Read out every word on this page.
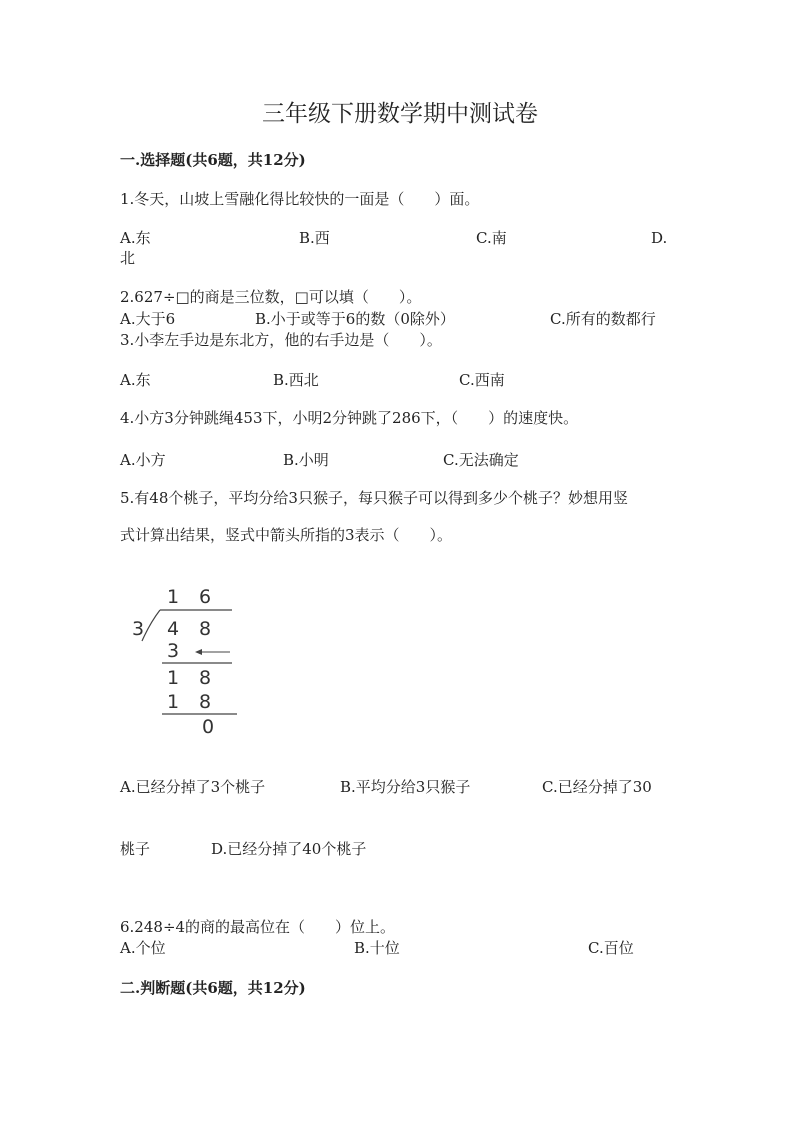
三年级下册数学期中测试卷
一.选择题(共6题，共12分)
1.冬天，山坡上雪融化得比较快的一面是（　　）面。
A.东	B.西	C.南	D.
北
2.627÷□的商是三位数，□可以填（　　）。
A.大于6	B.小于或等于6的数（0除外）	C.所有的数都行
3.小李左手边是东北方，他的右手边是（　　）。
A.东	B.西北	C.西南
4.小方3分钟跳绳453下，小明2分钟跳了286下，（　　）的速度快。
A.小方	B.小明	C.无法确定
5.有48个桃子，平均分给3只猴子，每只猴子可以得到多少个桃子？妙想用竖
式计算出结果，竖式中箭头所指的3表示（　　）。
1 6
3 4 8
3
1 8
1 8
0
A.已经分掉了3个桃子	B.平均分给3只猴子	C.已经分掉了30
桃子	D.已经分掉了40个桃子
6.248÷4的商的最高位在（　　）位上。
A.个位	B.十位	C.百位
二.判断题(共6题，共12分)
